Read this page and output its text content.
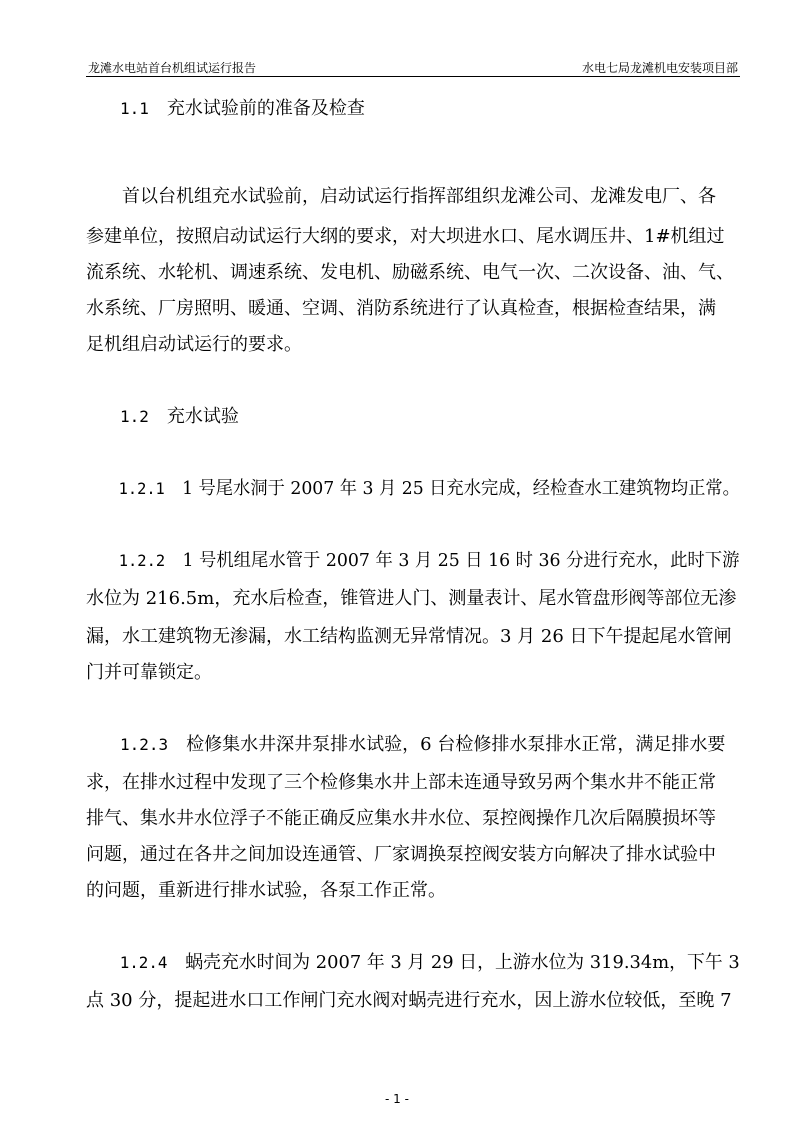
龙滩水电站首台机组试运行报告	水电七局龙滩机电安装项目部
1.1 充水试验前的准备及检查
首以台机组充水试验前，启动试运行指挥部组织龙滩公司、龙滩发电厂、各
参建单位，按照启动试运行大纲的要求，对大坝进水口、尾水调压井、1#机组过
流系统、水轮机、调速系统、发电机、励磁系统、电气一次、二次设备、油、气、
水系统、厂房照明、暖通、空调、消防系统进行了认真检查，根据检查结果，满
足机组启动试运行的要求。
1.2 充水试验
1.2.1 1 号尾水洞于 2007 年 3 月 25 日充水完成，经检查水工建筑物均正常。
1.2.2 1 号机组尾水管于 2007 年 3 月 25 日 16 时 36 分进行充水，此时下游
水位为 216.5m，充水后检查，锥管进人门、测量表计、尾水管盘形阀等部位无渗
漏，水工建筑物无渗漏，水工结构监测无异常情况。3 月 26 日下午提起尾水管闸
门并可靠锁定。
1.2.3 检修集水井深井泵排水试验，6 台检修排水泵排水正常，满足排水要
求，在排水过程中发现了三个检修集水井上部未连通导致另两个集水井不能正常
排气、集水井水位浮子不能正确反应集水井水位、泵控阀操作几次后隔膜损坏等
问题，通过在各井之间加设连通管、厂家调换泵控阀安装方向解决了排水试验中
的问题，重新进行排水试验，各泵工作正常。
1.2.4 蜗壳充水时间为 2007 年 3 月 29 日，上游水位为 319.34m，下午 3
点 30 分，提起进水口工作闸门充水阀对蜗壳进行充水，因上游水位较低，至晚 7
- 1 -
